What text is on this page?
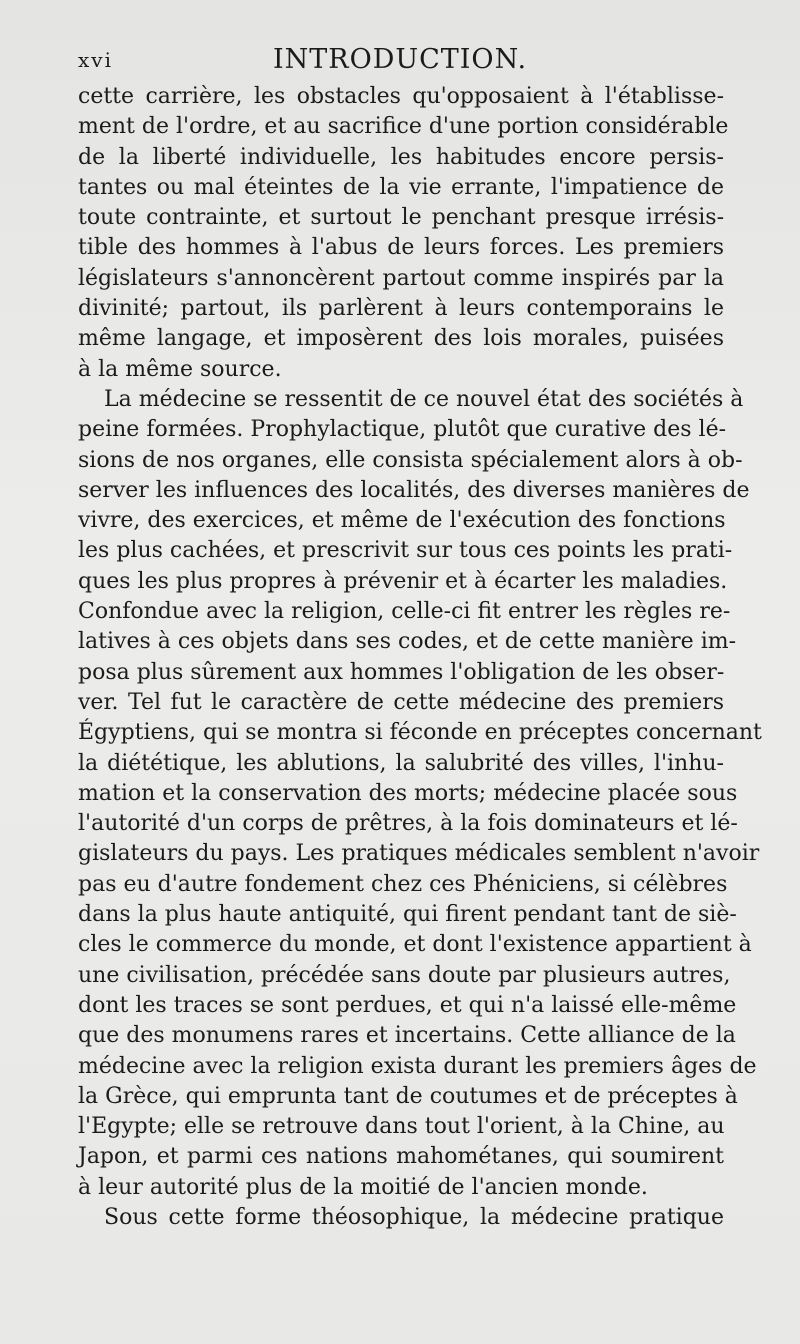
xvi	INTRODUCTION.
cette carrière, les obstacles qu'opposaient à l'établisse-
ment de l'ordre, et au sacrifice d'une portion considérable
de la liberté individuelle, les habitudes encore persis-
tantes ou mal éteintes de la vie errante, l'impatience de
toute contrainte, et surtout le penchant presque irrésis-
tible des hommes à l'abus de leurs forces. Les premiers
législateurs s'annoncèrent partout comme inspirés par la
divinité; partout, ils parlèrent à leurs contemporains le
même langage, et imposèrent des lois morales, puisées
à la même source.
La médecine se ressentit de ce nouvel état des sociétés à
peine formées. Prophylactique, plutôt que curative des lé-
sions de nos organes, elle consista spécialement alors à ob-
server les influences des localités, des diverses manières de
vivre, des exercices, et même de l'exécution des fonctions
les plus cachées, et prescrivit sur tous ces points les prati-
ques les plus propres à prévenir et à écarter les maladies.
Confondue avec la religion, celle-ci fit entrer les règles re-
latives à ces objets dans ses codes, et de cette manière im-
posa plus sûrement aux hommes l'obligation de les obser-
ver. Tel fut le caractère de cette médecine des premiers
Égyptiens, qui se montra si féconde en préceptes concernant
la diététique, les ablutions, la salubrité des villes, l'inhu-
mation et la conservation des morts; médecine placée sous
l'autorité d'un corps de prêtres, à la fois dominateurs et lé-
gislateurs du pays. Les pratiques médicales semblent n'avoir
pas eu d'autre fondement chez ces Phéniciens, si célèbres
dans la plus haute antiquité, qui firent pendant tant de siè-
cles le commerce du monde, et dont l'existence appartient à
une civilisation, précédée sans doute par plusieurs autres,
dont les traces se sont perdues, et qui n'a laissé elle-même
que des monumens rares et incertains. Cette alliance de la
médecine avec la religion exista durant les premiers âges de
la Grèce, qui emprunta tant de coutumes et de préceptes à
l'Egypte; elle se retrouve dans tout l'orient, à la Chine, au
Japon, et parmi ces nations mahométanes, qui soumirent
à leur autorité plus de la moitié de l'ancien monde.
Sous cette forme théosophique, la médecine pratique
